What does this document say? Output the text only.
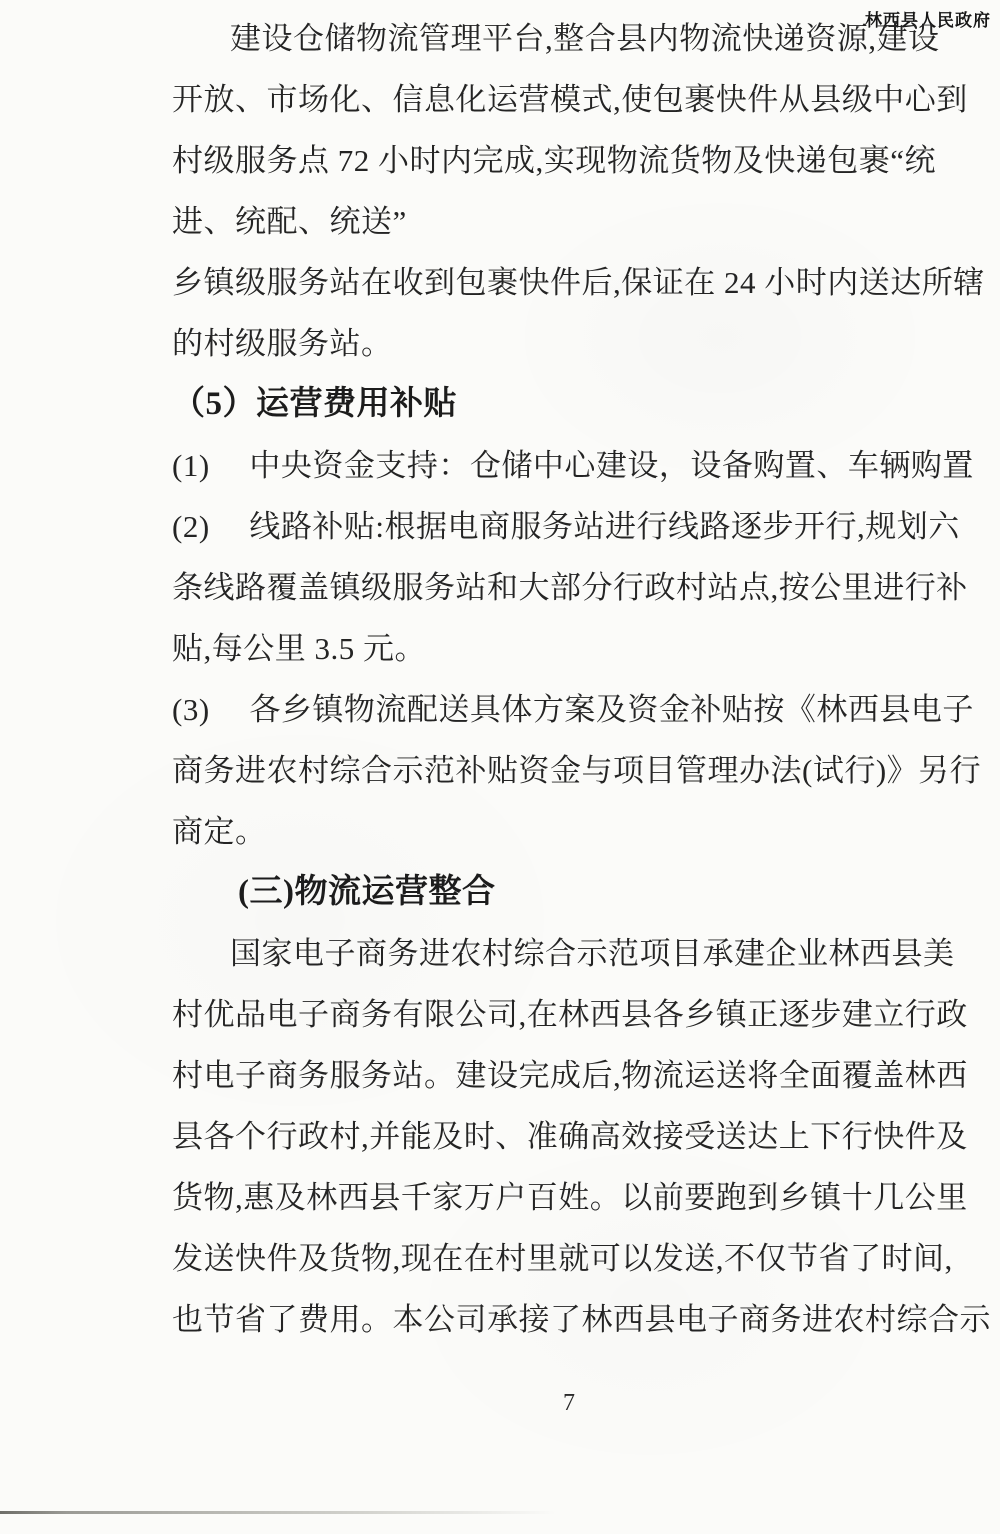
林西县人民政府
建设仓储物流管理平台,整合县内物流快递资源,建设
开放、市场化、信息化运营模式,使包裹快件从县级中心到
村级服务点 72 小时内完成,实现物流货物及快递包裹“统
进、统配、统送”
乡镇级服务站在收到包裹快件后,保证在 24 小时内送达所辖
的村级服务站。
（5）运营费用补贴
(1)　 中央资金支持：仓储中心建设，设备购置、车辆购置
(2)　 线路补贴:根据电商服务站进行线路逐步开行,规划六
条线路覆盖镇级服务站和大部分行政村站点,按公里进行补
贴,每公里 3.5 元。
(3)　 各乡镇物流配送具体方案及资金补贴按《林西县电子
商务进农村综合示范补贴资金与项目管理办法(试行)》另行
商定。
(三)物流运营整合
国家电子商务进农村综合示范项目承建企业林西县美
村优品电子商务有限公司,在林西县各乡镇正逐步建立行政
村电子商务服务站。建设完成后,物流运送将全面覆盖林西
县各个行政村,并能及时、准确高效接受送达上下行快件及
货物,惠及林西县千家万户百姓。以前要跑到乡镇十几公里
发送快件及货物,现在在村里就可以发送,不仅节省了时间,
也节省了费用。本公司承接了林西县电子商务进农村综合示
7
